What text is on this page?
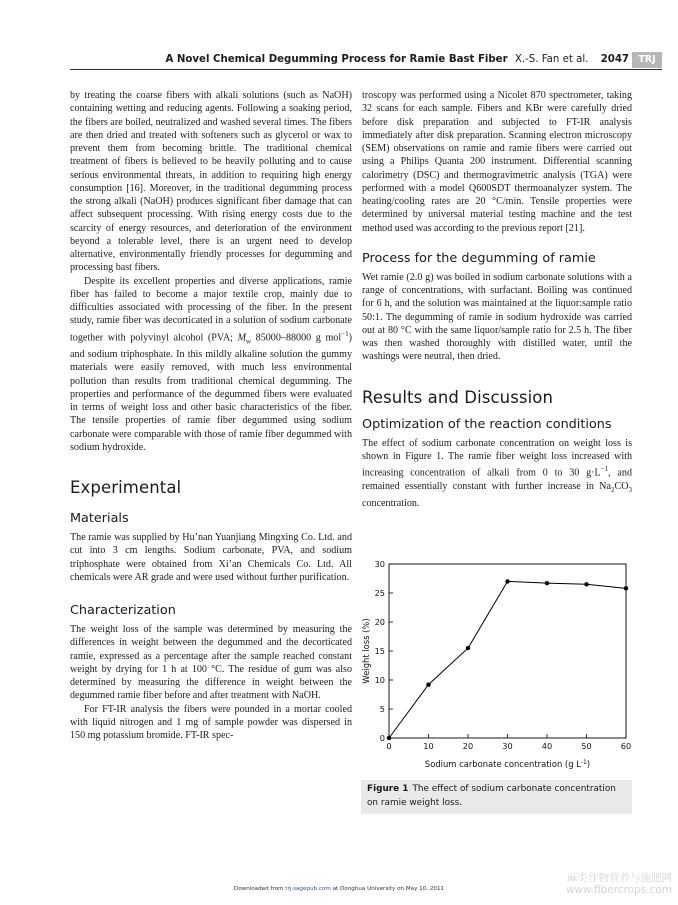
A Novel Chemical Degumming Process for Ramie Bast Fiber X.-S. Fan et al. 2047 TRJ

by treating the coarse fibers with alkali solutions (such as NaOH) containing wetting and reducing agents. Following a soaking period, the fibers are boiled, neutralized and washed several times. The fibers are then dried and treated with softeners such as glycerol or wax to prevent them from becoming brittle. The traditional chemical treatment of fibers is believed to be heavily polluting and to cause serious environmental threats, in addition to requiring high energy consumption [16]. Moreover, in the traditional degumming process the strong alkali (NaOH) produces significant fiber damage that can affect subsequent processing. With rising energy costs due to the scarcity of energy resources, and deterioration of the environment beyond a tolerable level, there is an urgent need to develop alternative, environmentally friendly processes for degumming and processing bast fibers.

Despite its excellent properties and diverse applications, ramie fiber has failed to become a major textile crop, mainly due to difficulties associated with processing of the fiber. In the present study, ramie fiber was decorticated in a solution of sodium carbonate together with polyvinyl alcohol (PVA; $M_w$ 85000–88000 g mol$^{-1}$) and sodium triphosphate. In this mildly alkaline solution the gummy materials were easily removed, with much less environmental pollution than results from traditional chemical degumming. The properties and performance of the degummed fibers were evaluated in terms of weight loss and other basic characteristics of the fiber. The tensile properties of ramie fiber degummed using sodium carbonate were comparable with those of ramie fiber degummed with sodium hydroxide.

Experimental
Materials

The ramie was supplied by Hu’nan Yuanjiang Mingxing Co. Ltd. and cut into 3 cm lengths. Sodium carbonate, PVA, and sodium triphosphate were obtained from Xi’an Chemicals Co. Ltd. All chemicals were AR grade and were used without further purification.

Characterization

The weight loss of the sample was determined by measuring the differences in weight between the degummed and the decorticated ramie, expressed as a percentage after the sample reached constant weight by drying for 1 h at 100 °C. The residue of gum was also determined by measuring the difference in weight between the degummed ramie fiber before and after treatment with NaOH.

For FT-IR analysis the fibers were pounded in a mortar cooled with liquid nitrogen and 1 mg of sample powder was dispersed in 150 mg potassium bromide. FT-IR spec-

troscopy was performed using a Nicolet 870 spectrometer, taking 32 scans for each sample. Fibers and KBr were carefully dried before disk preparation and subjected to FT-IR analysis immediately after disk preparation. Scanning electron microscopy (SEM) observations on ramie and ramie fibers were carried out using a Philips Quanta 200 instrument. Differential scanning calorimetry (DSC) and thermogravimetric analysis (TGA) were performed with a model Q600SDT thermoanalyzer system. The heating/cooling rates are 20 °C/min. Tensile properties were determined by universal material testing machine and the test method used was according to the previous report [21].

Process for the degumming of ramie

Wet ramie (2.0 g) was boiled in sodium carbonate solutions with a range of concentrations, with surfactant. Boiling was continued for 6 h, and the solution was maintained at the liquor:sample ratio 50:1. The degumming of ramie in sodium hydroxide was carried out at 80 °C with the same liquor/sample ratio for 2.5 h. The fiber was then washed thoroughly with distilled water, until the washings were neutral, then dried.

Results and Discussion
Optimization of the reaction conditions

The effect of sodium carbonate concentration on weight loss is shown in Figure 1. The ramie fiber weight loss increased with increasing concentration of alkali from 0 to 30 $g\cdot L^{-1}$, and remained essentially constant with further increase in $Na_2CO_3$ concentration.

0	10	20	30	40	50	60
0
5
10
15
20
25
30
Sodium carbonate concentration (g $L^{-1}$)
Weight loss (%)
Figure 1 The effect of sodium carbonate concentration on ramie weight loss.
Downloaded from trj.sagepub.com at Donghua University on May 10, 2011
麻类作物营养与施肥网
www.fibercrops.com
